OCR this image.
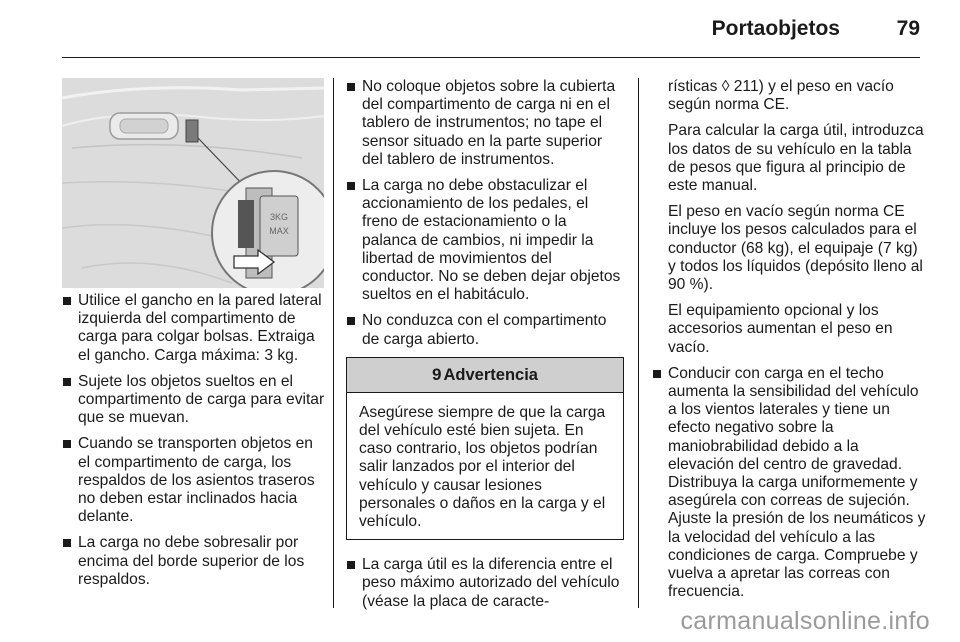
Portaobjetos	79
3KG MAX
Utilice el gancho en la pared lateral izquierda del compartimento de carga para colgar bolsas. Extraiga el gancho. Carga máxima: 3 kg.
Sujete los objetos sueltos en el compartimento de carga para evitar que se muevan.
Cuando se transporten objetos en el compartimento de carga, los respaldos de los asientos traseros no deben estar inclinados hacia delante.
La carga no debe sobresalir por encima del borde superior de los respaldos.
No coloque objetos sobre la cubierta del compartimento de carga ni en el tablero de instrumentos; no tape el sensor situado en la parte superior del tablero de instrumentos.
La carga no debe obstaculizar el accionamiento de los pedales, el freno de estacionamiento o la palanca de cambios, ni impedir la libertad de movimientos del conductor. No se deben dejar objetos sueltos en el habitáculo.
No conduzca con el compartimento de carga abierto.
9 Advertencia
Asegúrese siempre de que la carga del vehículo esté bien sujeta. En caso contrario, los objetos podrían salir lanzados por el interior del vehículo y causar lesiones personales o daños en la carga y el vehículo.
La carga útil es la diferencia entre el peso máximo autorizado del vehículo (véase la placa de caracte-

rísticas ◊ 211) y el peso en vacío según norma CE.

Para calcular la carga útil, introduzca los datos de su vehículo en la tabla de pesos que figura al principio de este manual.

El peso en vacío según norma CE incluye los pesos calculados para el conductor (68 kg), el equipaje (7 kg) y todos los líquidos (depósito lleno al 90 %).

El equipamiento opcional y los accesorios aumentan el peso en vacío.

Conducir con carga en el techo aumenta la sensibilidad del vehículo a los vientos laterales y tiene un efecto negativo sobre la maniobrabilidad debido a la elevación del centro de gravedad. Distribuya la carga uniformemente y asegúrela con correas de sujeción. Ajuste la presión de los neumáticos y la velocidad del vehículo a las condiciones de carga. Compruebe y vuelva a apretar las correas con frecuencia.
carmanualsonline.info
